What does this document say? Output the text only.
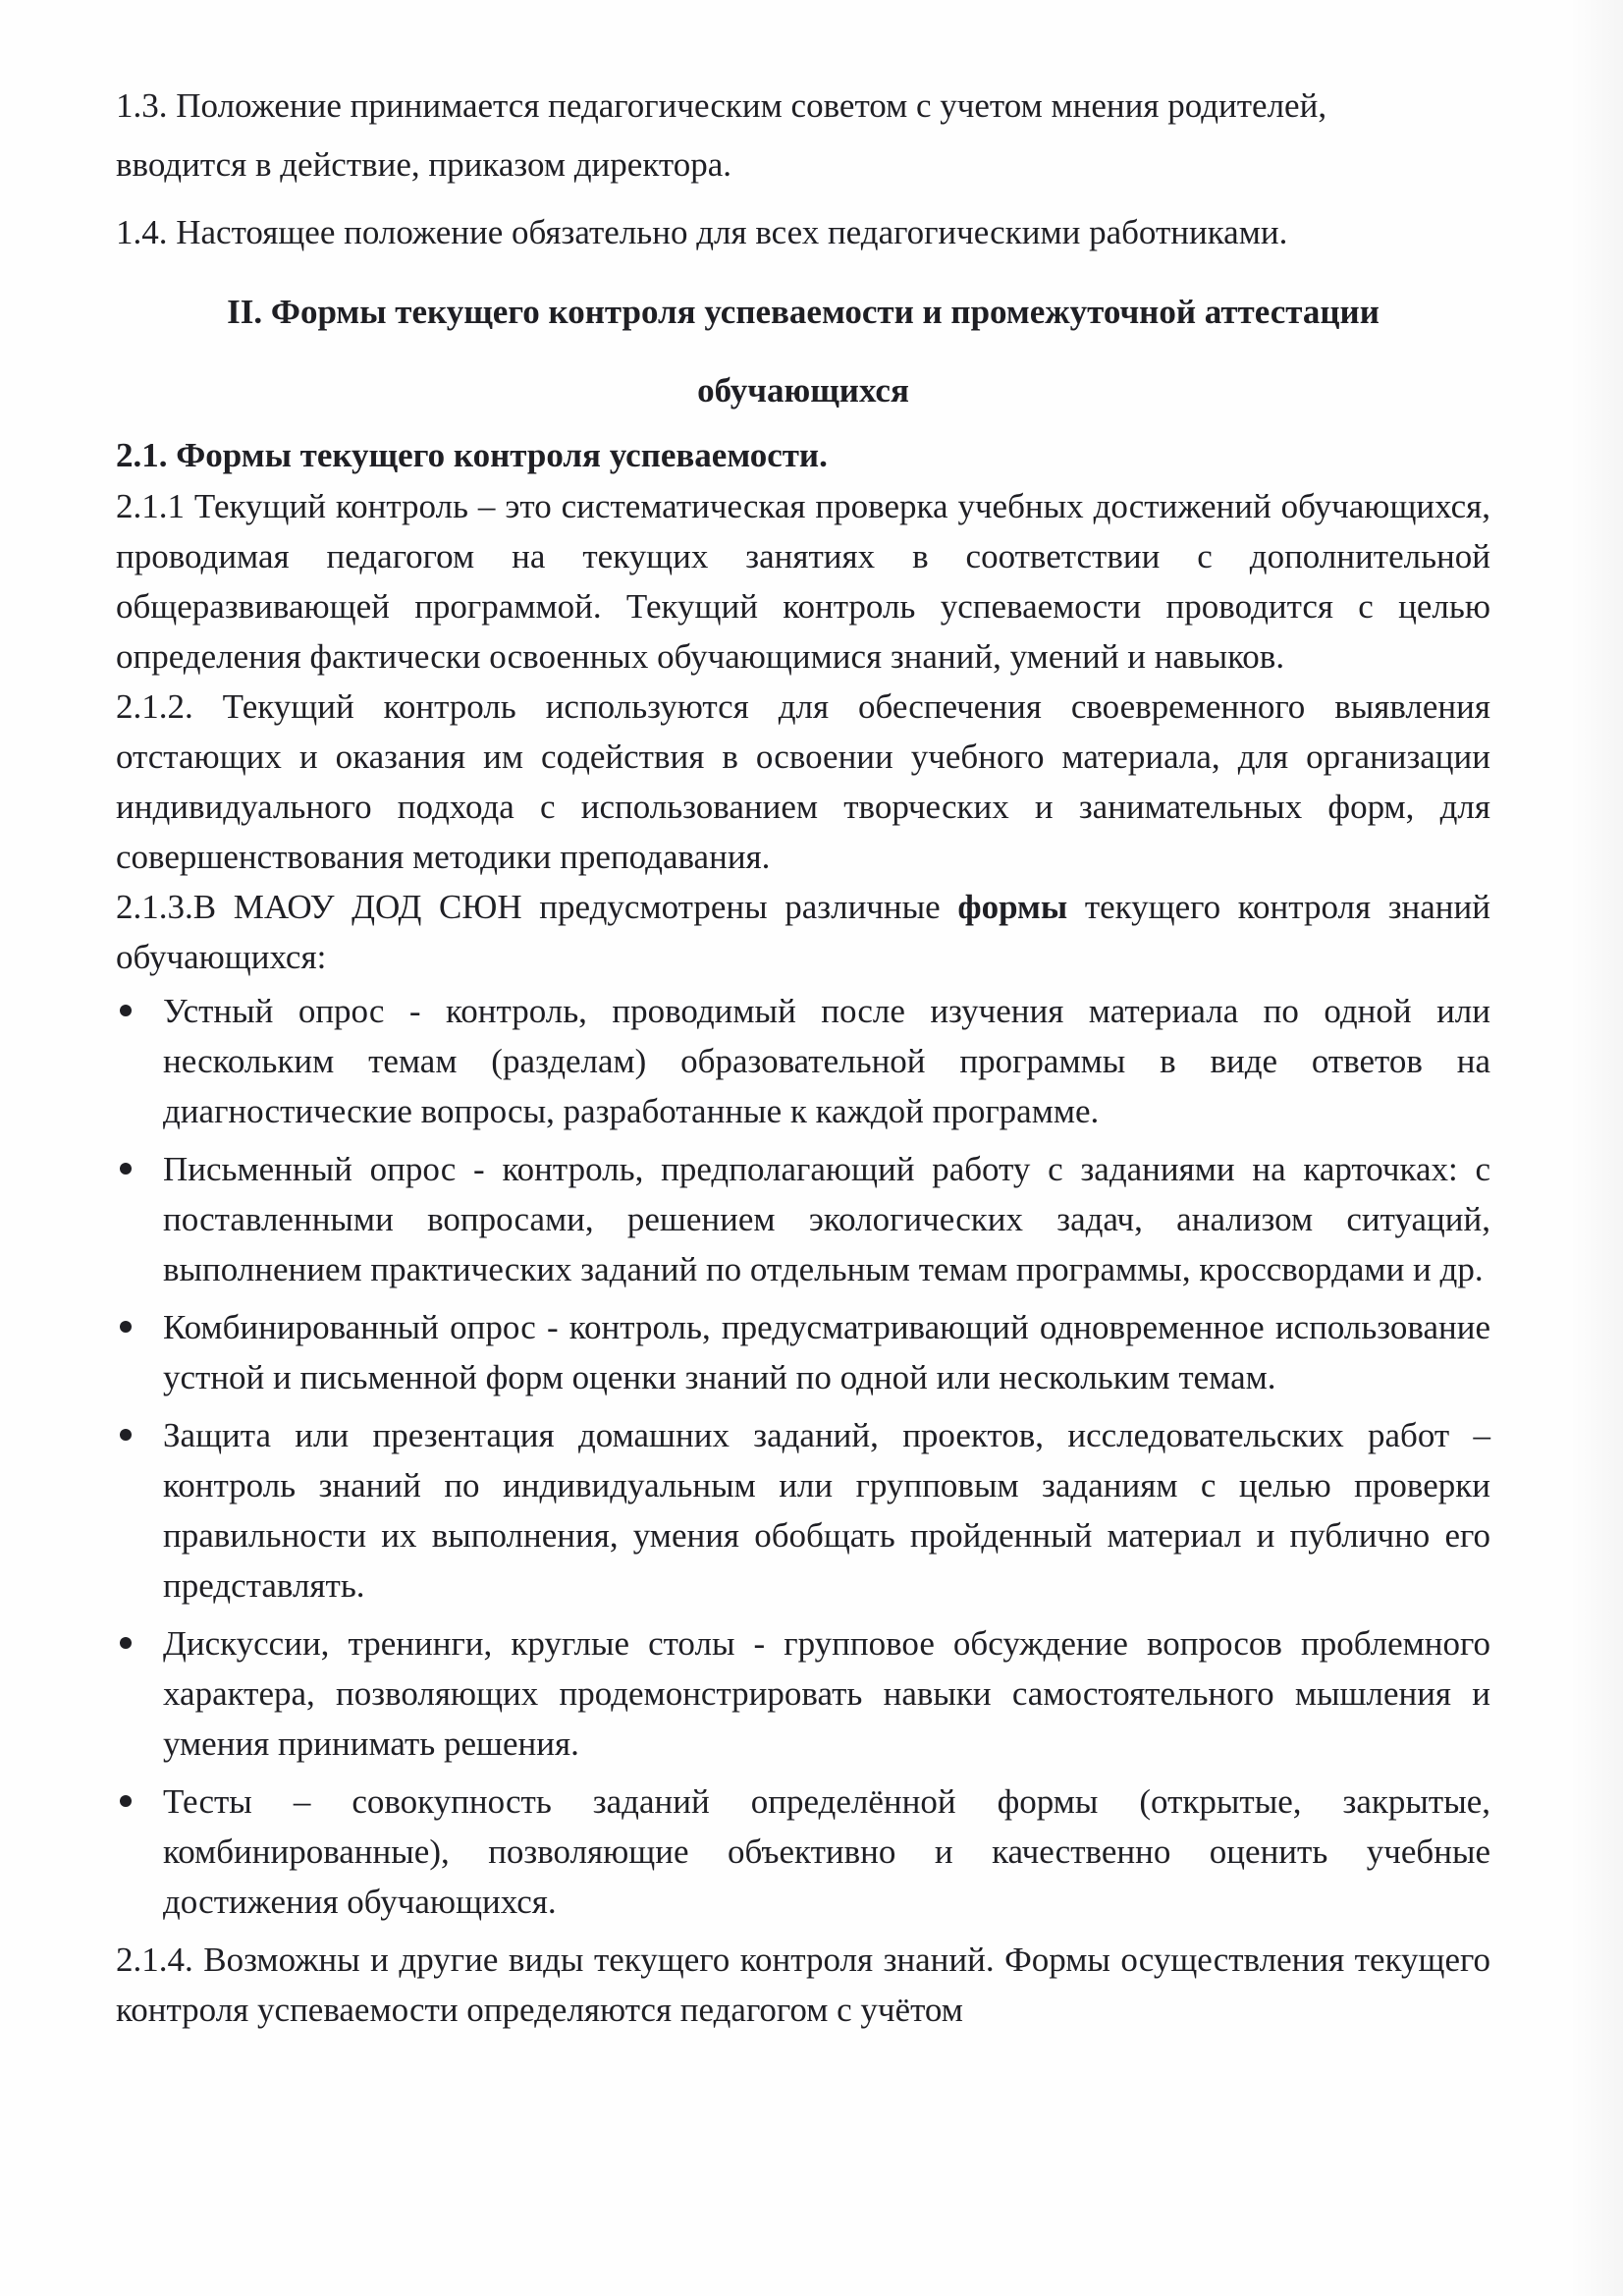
1.3. Положение принимается педагогическим советом с учетом мнения родителей,
вводится в действие, приказом директора.

1.4. Настоящее положение обязательно для всех педагогическими работниками.

II. Формы текущего контроля успеваемости и промежуточной аттестации

обучающихся

2.1. Формы текущего контроля успеваемости.

2.1.1 Текущий контроль – это систематическая проверка учебных достижений обучающихся, проводимая педагогом на текущих занятиях в соответствии с дополнительной общеразвивающей программой. Текущий контроль успеваемости проводится с целью определения фактически освоенных обучающимися знаний, умений и навыков.

2.1.2. Текущий контроль используются для обеспечения своевременного выявления отстающих и оказания им содействия в освоении учебного материала, для организации индивидуального подхода с использованием творческих и занимательных форм, для совершенствования методики преподавания.

2.1.3.В МАОУ ДОД СЮН предусмотрены различные формы текущего контроля знаний обучающихся:

Устный опрос - контроль, проводимый после изучения материала по одной или нескольким темам (разделам) образовательной программы в виде ответов на диагностические вопросы, разработанные к каждой программе.
Письменный опрос - контроль, предполагающий работу с заданиями на карточках: с поставленными вопросами, решением экологических задач, анализом ситуаций, выполнением практических заданий по отдельным темам программы, кроссвордами и др.
Комбинированный опрос - контроль, предусматривающий одновременное использование устной и письменной форм оценки знаний по одной или нескольким темам.
Защита или презентация домашних заданий, проектов, исследовательских работ – контроль знаний по индивидуальным или групповым заданиям с целью проверки правильности их выполнения, умения обобщать пройденный материал и публично его представлять.
Дискуссии, тренинги, круглые столы - групповое обсуждение вопросов проблемного характера, позволяющих продемонстрировать навыки самостоятельного мышления и умения принимать решения.
Тесты – совокупность заданий определённой формы (открытые, закрытые, комбинированные), позволяющие объективно и качественно оценить учебные достижения обучающихся.

2.1.4. Возможны и другие виды текущего контроля знаний. Формы осуществления текущего контроля успеваемости определяются педагогом с учётом
